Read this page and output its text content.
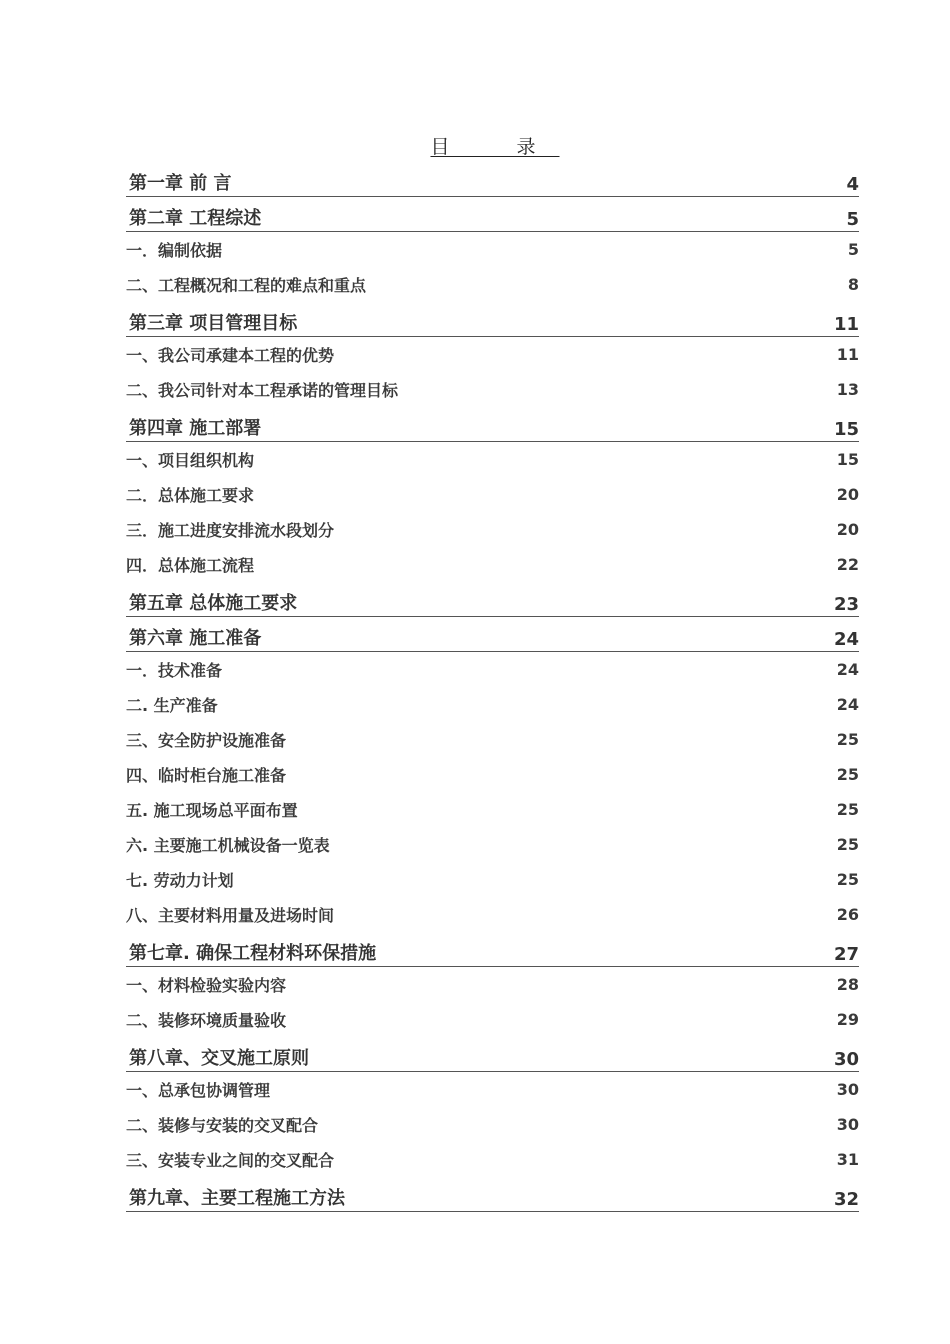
目　录
第一章 前 言	4
第二章 工程综述	5
一．编制依据	5
二、工程概况和工程的难点和重点	8
第三章 项目管理目标	11
一、我公司承建本工程的优势	11
二、我公司针对本工程承诺的管理目标	13
第四章 施工部署	15
一、项目组织机构	15
二．总体施工要求	20
三．施工进度安排流水段划分	20
四．总体施工流程	22
第五章 总体施工要求	23
第六章 施工准备	24
一．技术准备	24
二. 生产准备	24
三、安全防护设施准备	25
四、临时柜台施工准备	25
五. 施工现场总平面布置	25
六. 主要施工机械设备一览表	25
七. 劳动力计划	25
八、主要材料用量及进场时间	26
第七章. 确保工程材料环保措施	27
一、材料检验实验内容	28
二、装修环境质量验收	29
第八章、交叉施工原则	30
一、总承包协调管理	30
二、装修与安装的交叉配合	30
三、安装专业之间的交叉配合	31
第九章、主要工程施工方法	32
